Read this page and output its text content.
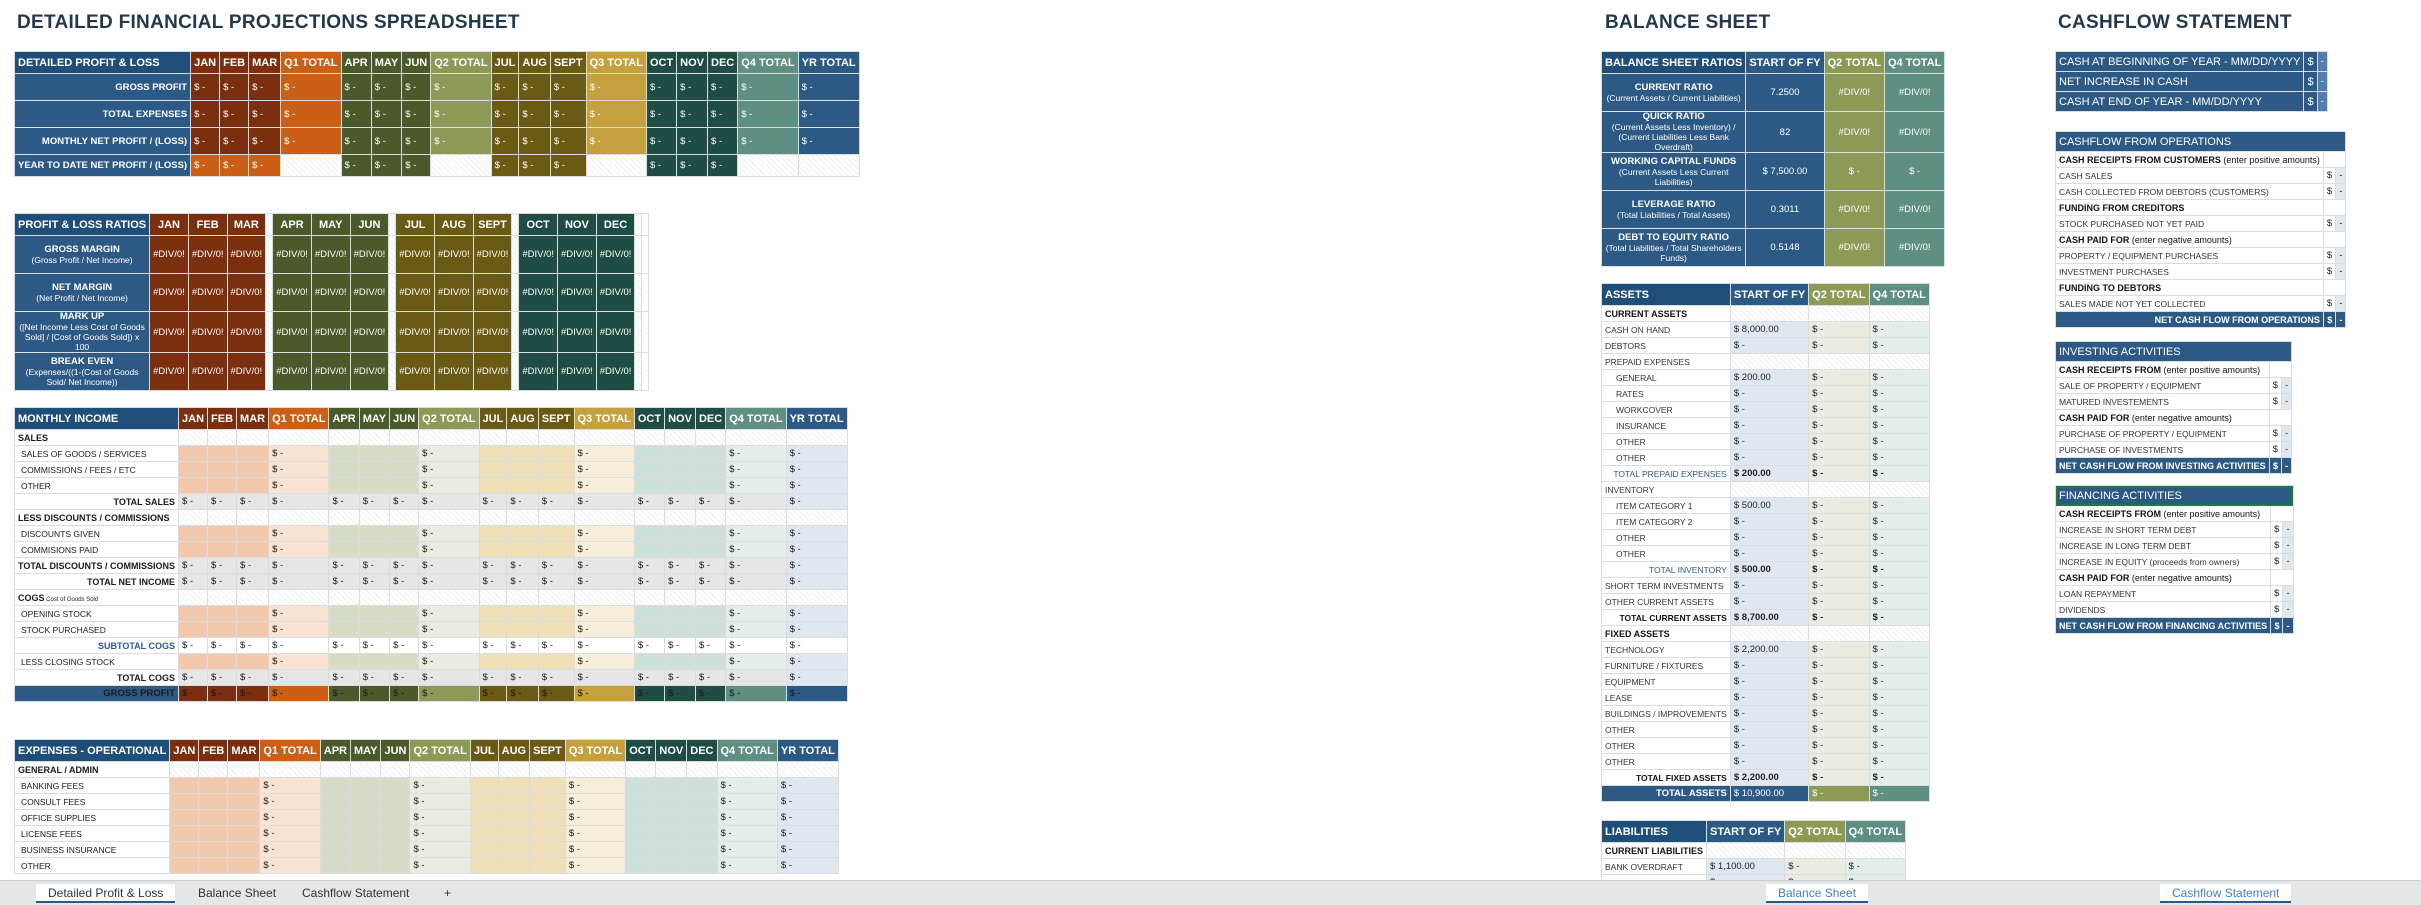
DETAILED FINANCIAL PROJECTIONS SPREADSHEET	BALANCE SHEET	CASHFLOW STATEMENT
DETAILED PROFIT & LOSS	JAN	FEB	MAR	Q1 TOTAL	APR	MAY	JUN	Q2 TOTAL	JUL	AUG	SEPT	Q3 TOTAL	OCT	NOV	DEC	Q4 TOTAL	YR TOTAL
GROSS PROFIT	$ -	$ -	$ -	$ -	$ -	$ -	$ -	$ -	$ -	$ -	$ -	$ -	$ -	$ -	$ -	$ -	$ -
TOTAL EXPENSES	$ -	$ -	$ -	$ -	$ -	$ -	$ -	$ -	$ -	$ -	$ -	$ -	$ -	$ -	$ -	$ -	$ -
MONTHLY NET PROFIT / (LOSS)	$ -	$ -	$ -	$ -	$ -	$ -	$ -	$ -	$ -	$ -	$ -	$ -	$ -	$ -	$ -	$ -	$ -
YEAR TO DATE NET PROFIT / (LOSS)	$ -	$ -	$ -		$ -	$ -	$ -		$ -	$ -	$ -		$ -	$ -	$ -		
PROFIT & LOSS RATIOS	JAN	FEB	MAR		APR	MAY	JUN		JUL	AUG	SEPT		OCT	NOV	DEC		
GROSS MARGIN
(Gross Profit / Net Income)	#DIV/0!	#DIV/0!	#DIV/0!		#DIV/0!	#DIV/0!	#DIV/0!		#DIV/0!	#DIV/0!	#DIV/0!		#DIV/0!	#DIV/0!	#DIV/0!		
NET MARGIN
(Net Profit / Net Income)	#DIV/0!	#DIV/0!	#DIV/0!		#DIV/0!	#DIV/0!	#DIV/0!		#DIV/0!	#DIV/0!	#DIV/0!		#DIV/0!	#DIV/0!	#DIV/0!		
MARK UP
([Net Income Less Cost of Goods Sold] / [Cost of Goods Sold]) x 100	#DIV/0!	#DIV/0!	#DIV/0!		#DIV/0!	#DIV/0!	#DIV/0!		#DIV/0!	#DIV/0!	#DIV/0!		#DIV/0!	#DIV/0!	#DIV/0!		
BREAK EVEN
(Expenses/((1-(Cost of Goods Sold/ Net Income))	#DIV/0!	#DIV/0!	#DIV/0!		#DIV/0!	#DIV/0!	#DIV/0!		#DIV/0!	#DIV/0!	#DIV/0!		#DIV/0!	#DIV/0!	#DIV/0!		
MONTHLY INCOME	JAN	FEB	MAR	Q1 TOTAL	APR	MAY	JUN	Q2 TOTAL	JUL	AUG	SEPT	Q3 TOTAL	OCT	NOV	DEC	Q4 TOTAL	YR TOTAL
SALES																	
SALES OF GOODS / SERVICES				$ -				$ -				$ -				$ -	$ -
COMMISSIONS / FEES / ETC				$ -				$ -				$ -				$ -	$ -
OTHER				$ -				$ -				$ -				$ -	$ -
TOTAL SALES	$ -	$ -	$ -	$ -	$ -	$ -	$ -	$ -	$ -	$ -	$ -	$ -	$ -	$ -	$ -	$ -	$ -
LESS DISCOUNTS / COMMISSIONS																	
DISCOUNTS GIVEN				$ -				$ -				$ -				$ -	$ -
COMMISIONS PAID				$ -				$ -				$ -				$ -	$ -
TOTAL DISCOUNTS / COMMISSIONS	$ -	$ -	$ -	$ -	$ -	$ -	$ -	$ -	$ -	$ -	$ -	$ -	$ -	$ -	$ -	$ -	$ -
TOTAL NET INCOME	$ -	$ -	$ -	$ -	$ -	$ -	$ -	$ -	$ -	$ -	$ -	$ -	$ -	$ -	$ -	$ -	$ -
COGS Cost of Goods Sold																	
OPENING STOCK				$ -				$ -				$ -				$ -	$ -
STOCK PURCHASED				$ -				$ -				$ -				$ -	$ -
SUBTOTAL COGS	$ -	$ -	$ -	$ -	$ -	$ -	$ -	$ -	$ -	$ -	$ -	$ -	$ -	$ -	$ -	$ -	$ -
LESS CLOSING STOCK				$ -				$ -				$ -				$ -	$ -
TOTAL COGS	$ -	$ -	$ -	$ -	$ -	$ -	$ -	$ -	$ -	$ -	$ -	$ -	$ -	$ -	$ -	$ -	$ -
GROSS PROFIT	$ -	$ -	$ -	$ -	$ -	$ -	$ -	$ -	$ -	$ -	$ -	$ -	$ -	$ -	$ -	$ -	$ -
EXPENSES - OPERATIONAL	JAN	FEB	MAR	Q1 TOTAL	APR	MAY	JUN	Q2 TOTAL	JUL	AUG	SEPT	Q3 TOTAL	OCT	NOV	DEC	Q4 TOTAL	YR TOTAL
GENERAL / ADMIN																	
BANKING FEES				$ -				$ -				$ -				$ -	$ -
CONSULT FEES				$ -				$ -				$ -				$ -	$ -
OFFICE SUPPLIES				$ -				$ -				$ -				$ -	$ -
LICENSE FEES				$ -				$ -				$ -				$ -	$ -
BUSINESS INSURANCE				$ -				$ -				$ -				$ -	$ -
OTHER				$ -				$ -				$ -				$ -	$ -
BALANCE SHEET RATIOS	START OF FY	Q2 TOTAL	Q4 TOTAL
CURRENT RATIO
(Current Assets / Current Liabilities)	7.2500	#DIV/0!	#DIV/0!
QUICK RATIO
(Current Assets Less Inventory) / (Current Liabilities Less Bank Overdraft)	82	#DIV/0!	#DIV/0!
WORKING CAPITAL FUNDS
(Current Assets Less Current Liabilities)	$ 7,500.00	$ -	$ -
LEVERAGE RATIO
(Total Liabilities / Total Assets)	0.3011	#DIV/0!	#DIV/0!
DEBT TO EQUITY RATIO
(Total Liabilities / Total Shareholders Funds)	0.5148	#DIV/0!	#DIV/0!
ASSETS	START OF FY	Q2 TOTAL	Q4 TOTAL
CURRENT ASSETS			
CASH ON HAND	$ 8,000.00	$ -	$ -
DEBTORS	$ -	$ -	$ -
PREPAID EXPENSES			
GENERAL	$ 200.00	$ -	$ -
RATES	$ -	$ -	$ -
WORKCOVER	$ -	$ -	$ -
INSURANCE	$ -	$ -	$ -
OTHER	$ -	$ -	$ -
OTHER	$ -	$ -	$ -
TOTAL PREPAID EXPENSES	$ 200.00	$ -	$ -
INVENTORY			
ITEM CATEGORY 1	$ 500.00	$ -	$ -
ITEM CATEGORY 2	$ -	$ -	$ -
OTHER	$ -	$ -	$ -
OTHER	$ -	$ -	$ -
TOTAL INVENTORY	$ 500.00	$ -	$ -
SHORT TERM INVESTMENTS	$ -	$ -	$ -
OTHER CURRENT ASSETS	$ -	$ -	$ -
TOTAL CURRENT ASSETS	$ 8,700.00	$ -	$ -
FIXED ASSETS			
TECHNOLOGY	$ 2,200.00	$ -	$ -
FURNITURE / FIXTURES	$ -	$ -	$ -
EQUIPMENT	$ -	$ -	$ -
LEASE	$ -	$ -	$ -
BUILDINGS / IMPROVEMENTS	$ -	$ -	$ -
OTHER	$ -	$ -	$ -
OTHER	$ -	$ -	$ -
OTHER	$ -	$ -	$ -
TOTAL FIXED ASSETS	$ 2,200.00	$ -	$ -
TOTAL ASSETS	$ 10,900.00	$ -	$ -
LIABILITIES	START OF FY	Q2 TOTAL	Q4 TOTAL
CURRENT LIABILITIES			
BANK OVERDRAFT	$ 1,100.00	$ -	$ -

CASH AT BEGINNING OF YEAR - MM/DD/YYYY	$	-
NET INCREASE IN CASH	$	-
CASH AT END OF YEAR - MM/DD/YYYY	$	-
CASHFLOW FROM OPERATIONS		
CASH RECEIPTS FROM CUSTOMERS (enter positive amounts)		
CASH SALES	$	-
CASH COLLECTED FROM DEBTORS (CUSTOMERS)	$	-
FUNDING FROM CREDITORS		
STOCK PURCHASED NOT YET PAID	$	-
CASH PAID FOR (enter negative amounts)		
PROPERTY / EQUIPMENT PURCHASES	$	-
INVESTMENT PURCHASES	$	-
FUNDING TO DEBTORS		
SALES MADE NOT YET COLLECTED	$	-
NET CASH FLOW FROM OPERATIONS	$	-
INVESTING ACTIVITIES		
CASH RECEIPTS FROM (enter positive amounts)		
SALE OF PROPERTY / EQUIPMENT	$	-
MATURED INVESTEMENTS	$	-
CASH PAID FOR (enter negative amounts)		
PURCHASE OF PROPERTY / EQUIPMENT	$	-
PURCHASE OF INVESTMENTS	$	-
NET CASH FLOW FROM INVESTING ACTIVITIES	$	-
FINANCING ACTIVITIES		
CASH RECEIPTS FROM (enter positive amounts)		
INCREASE IN SHORT TERM DEBT	$	-
INCREASE IN LONG TERM DEBT	$	-
INCREASE IN EQUITY (proceeds from owners)	$	-
CASH PAID FOR (enter negative amounts)		
LOAN REPAYMENT	$	-
DIVIDENDS	$	-
NET CASH FLOW FROM FINANCING ACTIVITIES	$	-
Detailed Profit & Loss	Balance Sheet	Cashflow Statement	+	Balance Sheet	Cashflow Statement
